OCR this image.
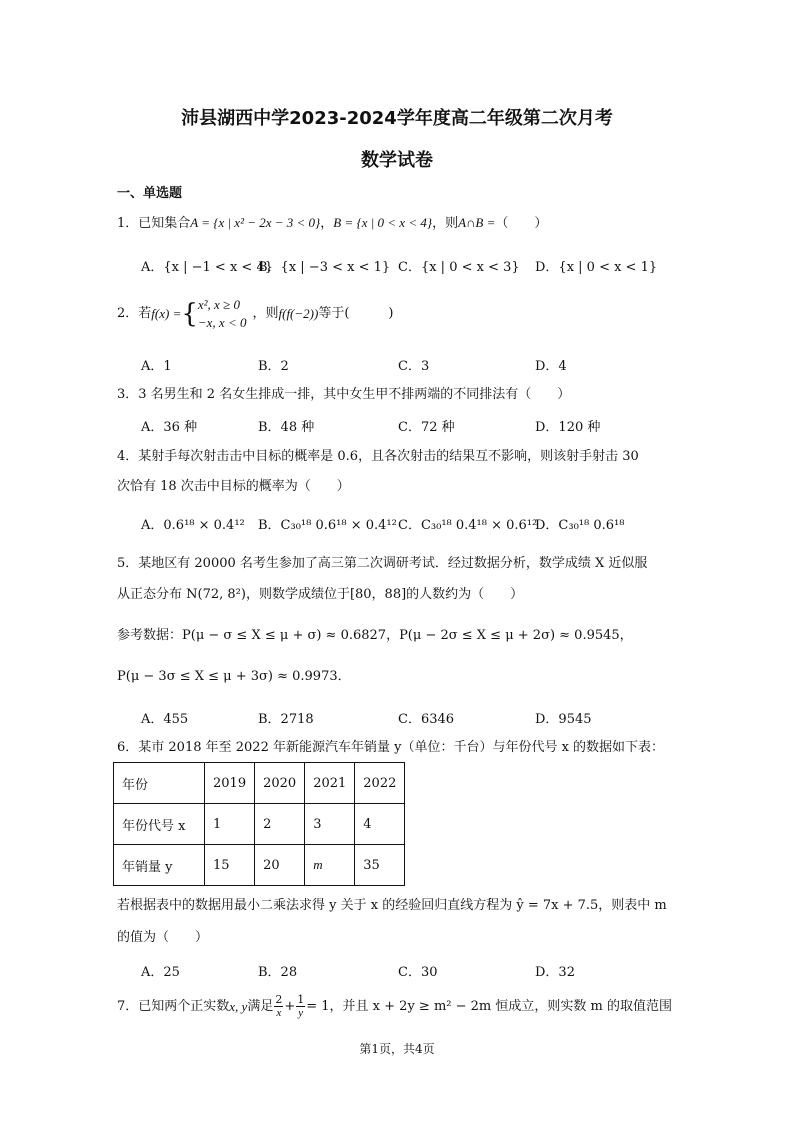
沛县湖西中学2023-2024学年度高二年级第二次月考
数学试卷
一、单选题
1．已知集合A = {x | x² − 2x − 3 < 0}，B = {x | 0 < x < 4}，则A∩B =（　　）
A．{x | −1 < x < 4}
B．{x | −3 < x < 1} C．{x | 0 < x < 3} D．{x | 0 < x < 1}
2．若f(x) ={ x², x ≥ 0
−x, x < 0
，则f(f(−2))等于(　　　)
A．1	B．2	C．3	D．4
3．3 名男生和 2 名女生排成一排，其中女生甲不排两端的不同排法有（　　）
A．36 种	B．48 种	C．72 种	D．120 种
4．某射手每次射击击中目标的概率是 0.6，且各次射击的结果互不影响，则该射手射击 30
次恰有 18 次击中目标的概率为（　　）
A．0.6¹⁸ × 0.4¹² B．C₃₀¹⁸ 0.6¹⁸ × 0.4¹² C．C₃₀¹⁸ 0.4¹⁸ × 0.6¹²
D．C₃₀¹⁸ 0.6¹⁸
5．某地区有 20000 名考生参加了高三第二次调研考试．经过数据分析，数学成绩 X 近似服
从正态分布 N(72, 8²)，则数学成绩位于[80，88]的人数约为（　　）
参考数据：P(μ − σ ≤ X ≤ μ + σ) ≈ 0.6827，P(μ − 2σ ≤ X ≤ μ + 2σ) ≈ 0.9545，
P(μ − 3σ ≤ X ≤ μ + 3σ) ≈ 0.9973．
A．455	B．2718	C．6346	D．9545
6．某市 2018 年至 2022 年新能源汽车年销量 y（单位：千台）与年份代号 x 的数据如下表：
年份	2019	2020	2021	2022
年份代号 x	1	2	3	4
年销量 y	15	20	m	35
若根据表中的数据用最小二乘法求得 y 关于 x 的经验回归直线方程为 ŷ = 7x + 7.5，则表中 m
的值为（　　）
A．25	B．28	C．30	D．32
7．已知两个正实数x, y满足 $\frac{2}{x} + \frac{1}{y} = 1$，并且 x + 2y ≥ m² − 2m 恒成立，则实数 m 的取值范围
第1页，共4页
